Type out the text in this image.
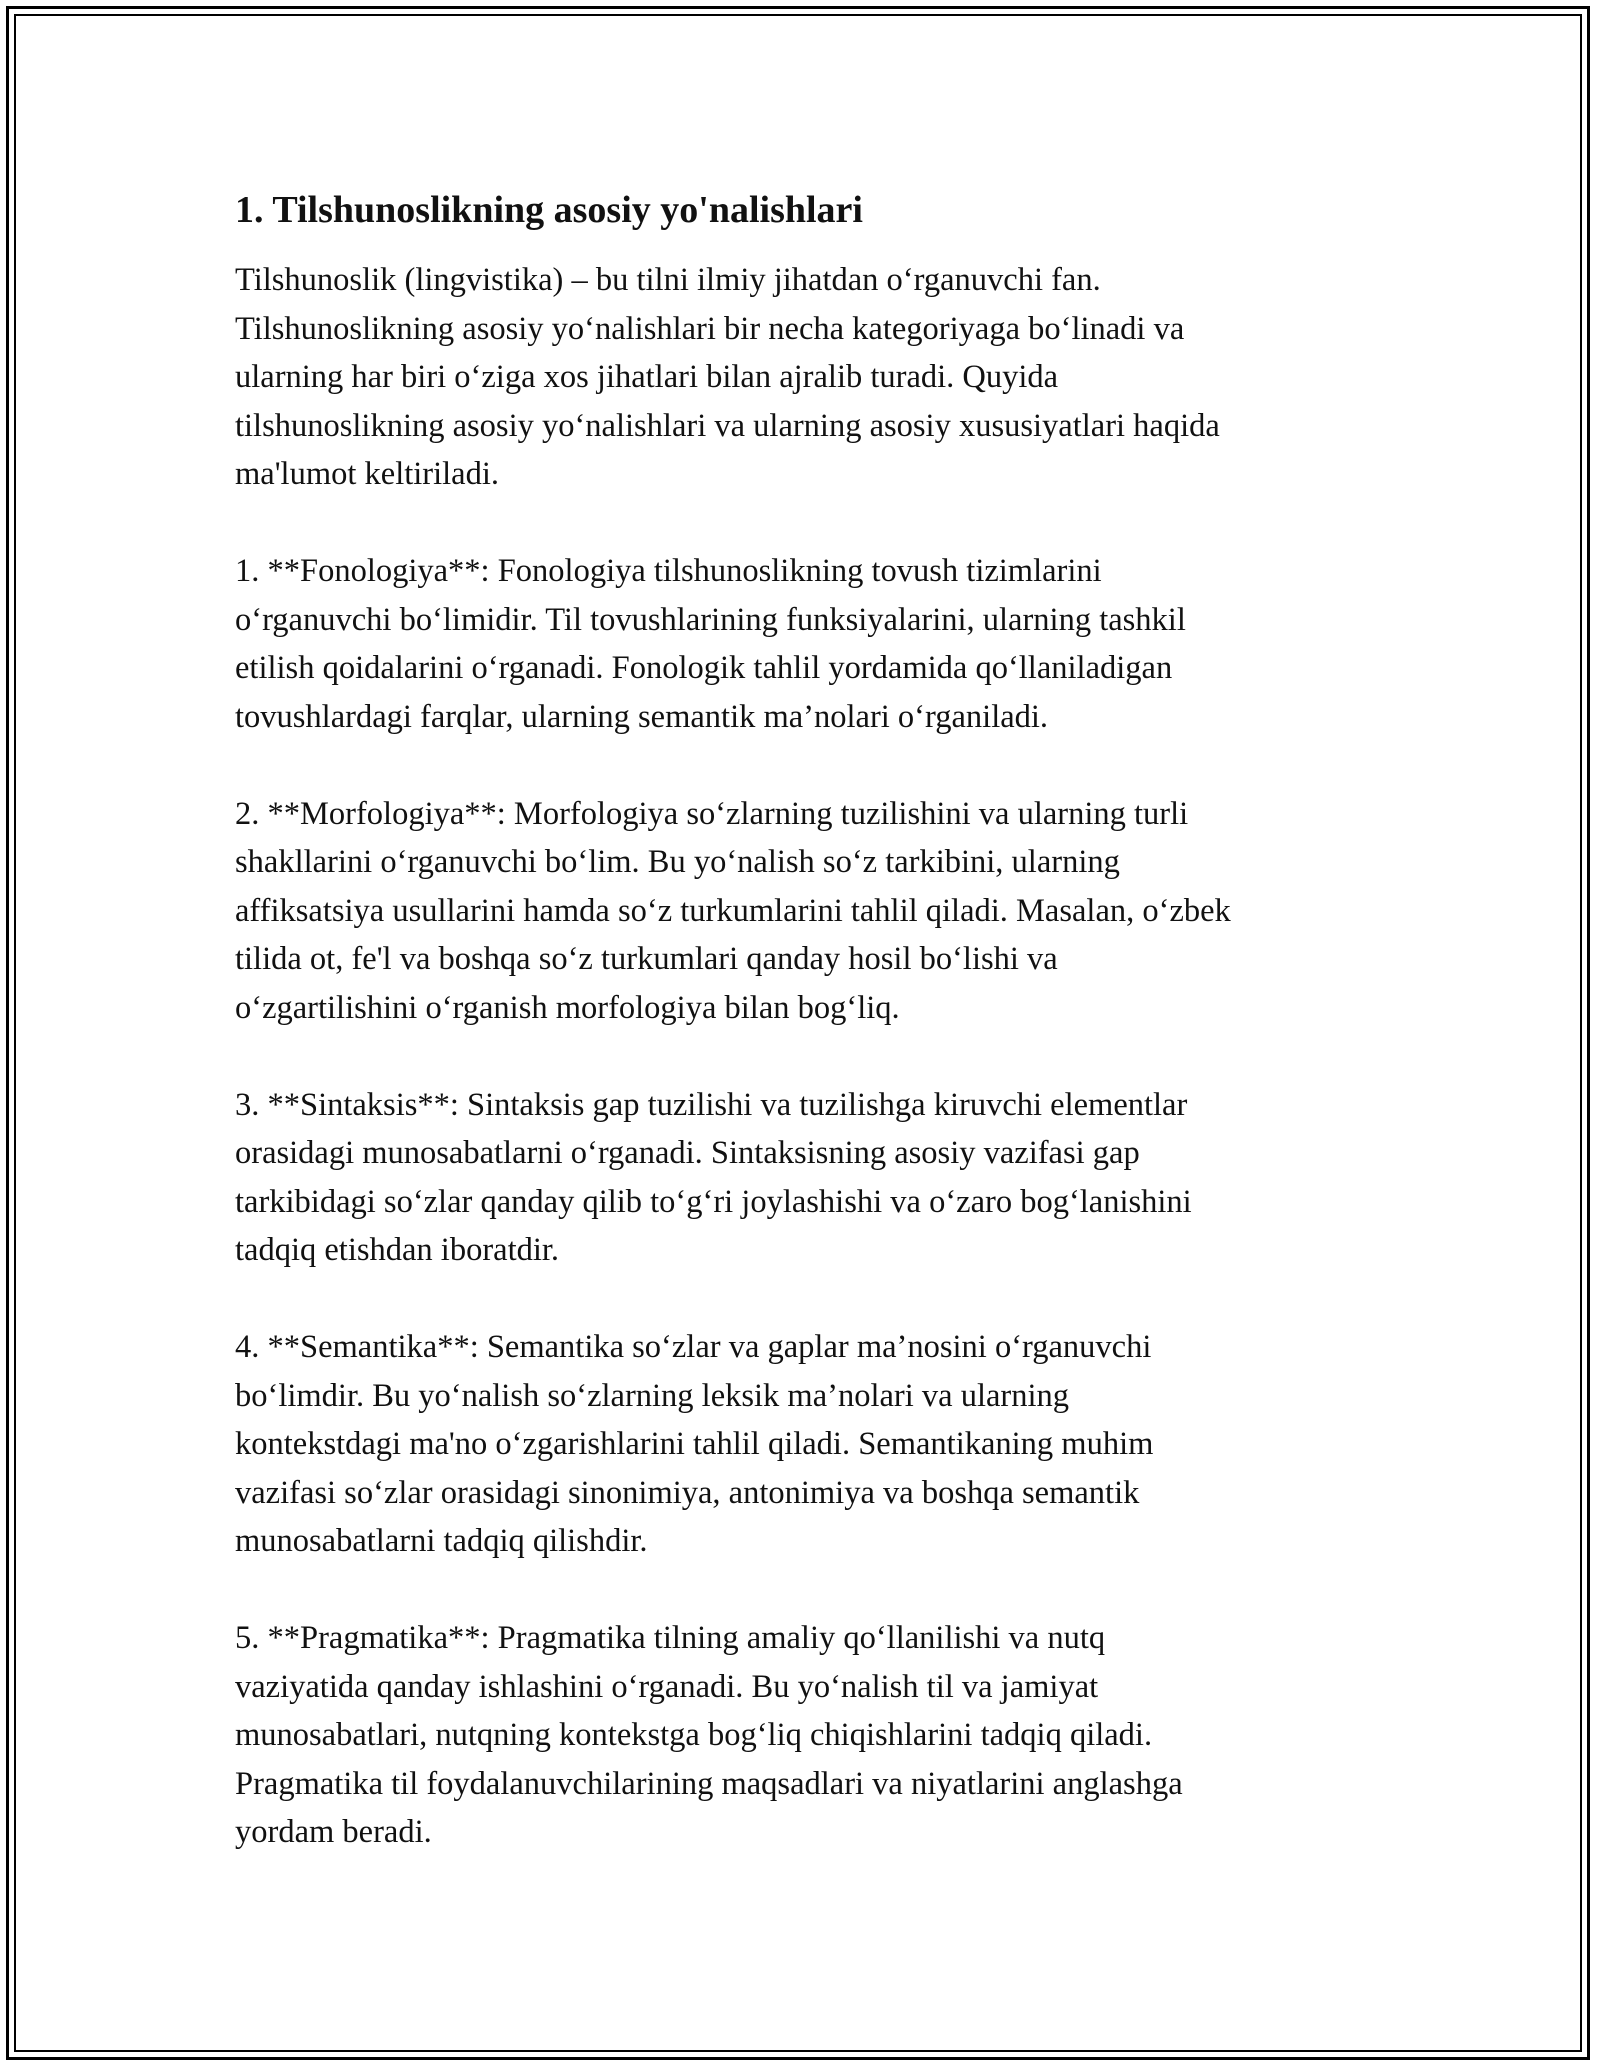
1. Tilshunoslikning asosiy yo'nalishlari
Tilshunoslik (lingvistika) – bu tilni ilmiy jihatdan o‘rganuvchi fan.
Tilshunoslikning asosiy yo‘nalishlari bir necha kategoriyaga bo‘linadi va
ularning har biri o‘ziga xos jihatlari bilan ajralib turadi. Quyida
tilshunoslikning asosiy yo‘nalishlari va ularning asosiy xususiyatlari haqida
ma'lumot keltiriladi.
1. **Fonologiya**: Fonologiya tilshunoslikning tovush tizimlarini
o‘rganuvchi bo‘limidir. Til tovushlarining funksiyalarini, ularning tashkil
etilish qoidalarini o‘rganadi. Fonologik tahlil yordamida qo‘llaniladigan
tovushlardagi farqlar, ularning semantik ma’nolari o‘rganiladi.
2. **Morfologiya**: Morfologiya so‘zlarning tuzilishini va ularning turli
shakllarini o‘rganuvchi bo‘lim. Bu yo‘nalish so‘z tarkibini, ularning
affiksatsiya usullarini hamda so‘z turkumlarini tahlil qiladi. Masalan, o‘zbek
tilida ot, fe'l va boshqa so‘z turkumlari qanday hosil bo‘lishi va
o‘zgartilishini o‘rganish morfologiya bilan bog‘liq.
3. **Sintaksis**: Sintaksis gap tuzilishi va tuzilishga kiruvchi elementlar
orasidagi munosabatlarni o‘rganadi. Sintaksisning asosiy vazifasi gap
tarkibidagi so‘zlar qanday qilib to‘g‘ri joylashishi va o‘zaro bog‘lanishini
tadqiq etishdan iboratdir.
4. **Semantika**: Semantika so‘zlar va gaplar ma’nosini o‘rganuvchi
bo‘limdir. Bu yo‘nalish so‘zlarning leksik ma’nolari va ularning
kontekstdagi ma'no o‘zgarishlarini tahlil qiladi. Semantikaning muhim
vazifasi so‘zlar orasidagi sinonimiya, antonimiya va boshqa semantik
munosabatlarni tadqiq qilishdir.
5. **Pragmatika**: Pragmatika tilning amaliy qo‘llanilishi va nutq
vaziyatida qanday ishlashini o‘rganadi. Bu yo‘nalish til va jamiyat
munosabatlari, nutqning kontekstga bog‘liq chiqishlarini tadqiq qiladi.
Pragmatika til foydalanuvchilarining maqsadlari va niyatlarini anglashga
yordam beradi.
